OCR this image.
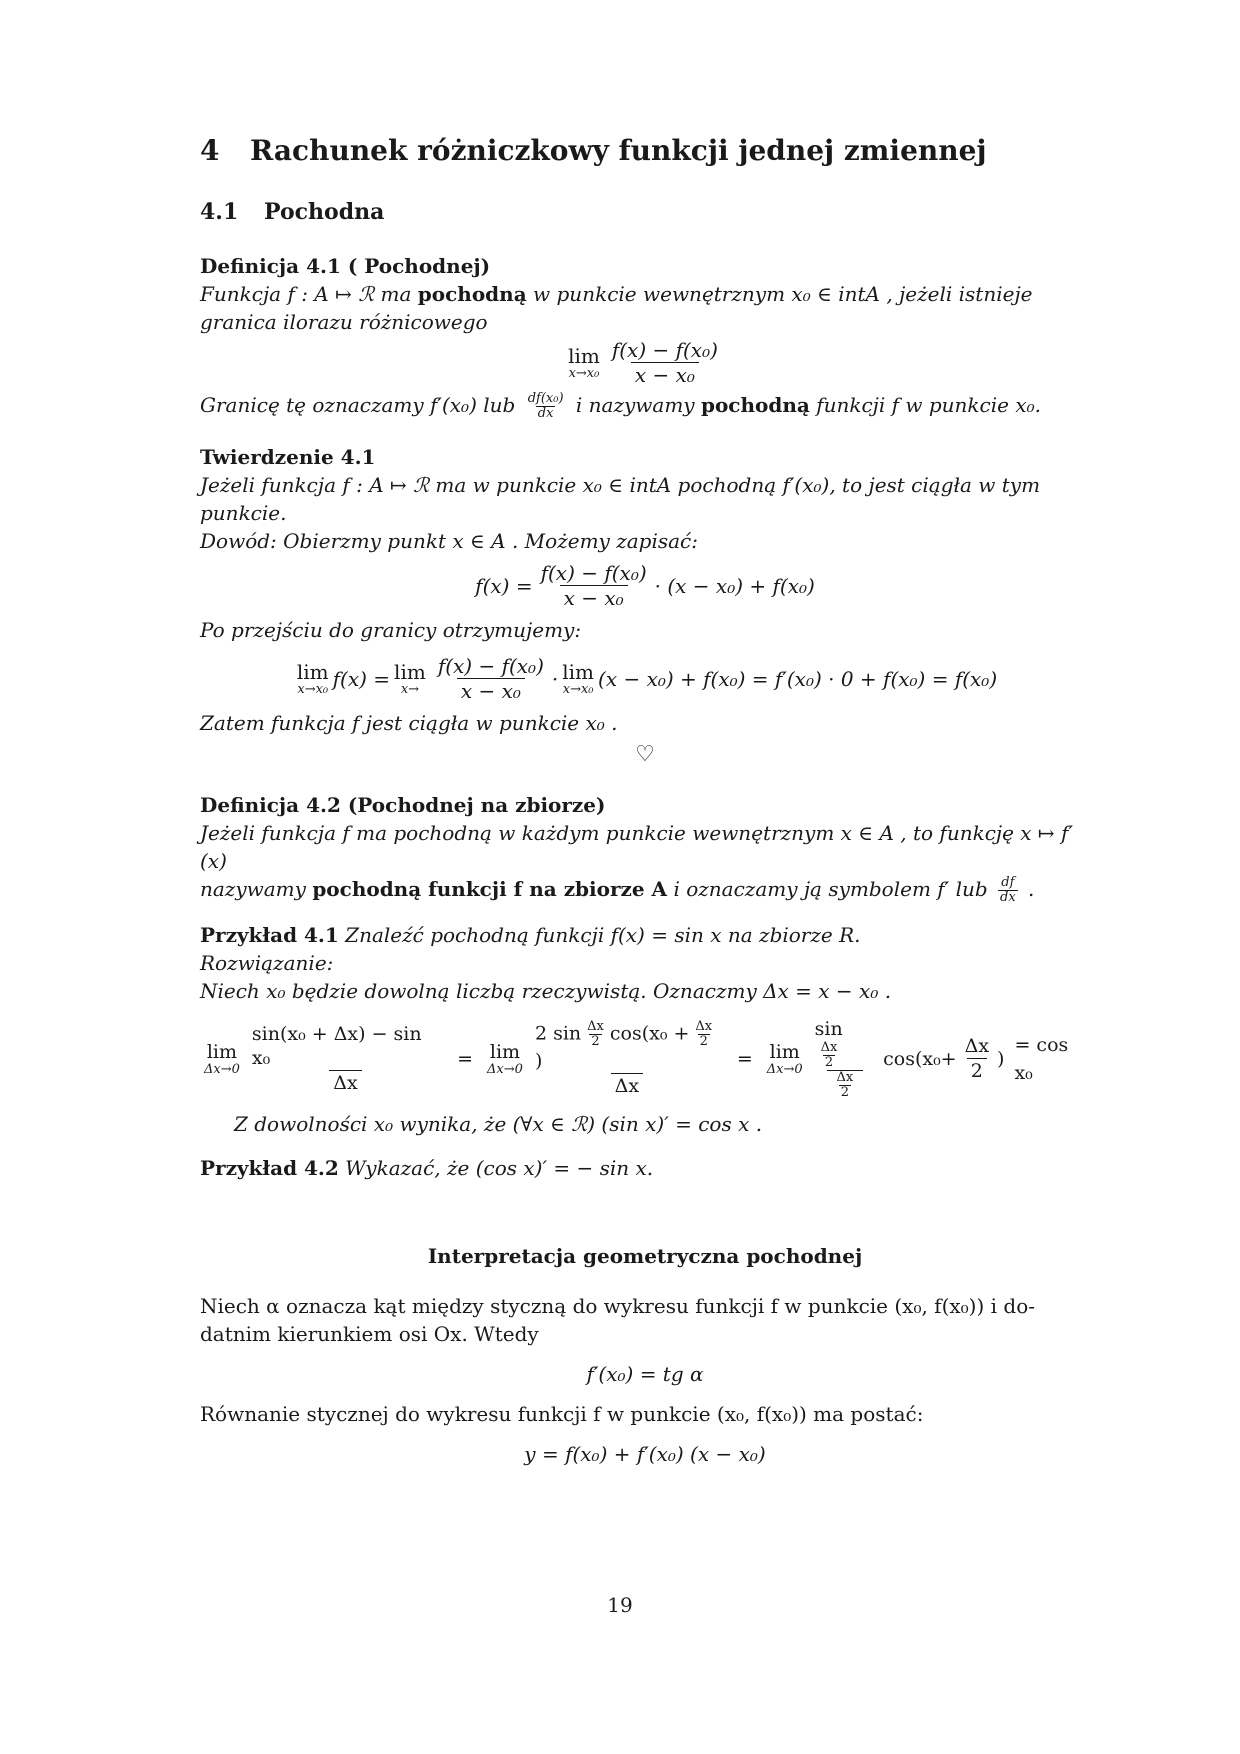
4 Rachunek różniczkowy funkcji jednej zmiennej
4.1 Pochodna

Definicja 4.1 ( Pochodnej)

Funkcja f : A ↦ ℛ ma pochodną w punkcie wewnętrznym x₀ ∈ intA , jeżeli istnieje

granica ilorazu różnicowego

lim
$x\to x_0 \frac{\text{f(x) − f(x₀)}}{\text{x − x₀}}$

Granicę tę oznaczamy f′(x₀) lub $\frac{\text{df(x₀)}}{dx}$ i nazywamy pochodną funkcji f w punkcie x₀.

Twierdzenie 4.1

Jeżeli funkcja f : A ↦ ℛ ma w punkcie x₀ ∈ intA pochodną f′(x₀), to jest ciągła w tym

punkcie.

Dowód: Obierzmy punkt x ∈ A . Możemy zapisać:

$f(x) = \frac{\text{f(x) − f(x₀)}}{\text{x − x₀}} \cdot (x - x_0) + f(x_0)$

Po przejściu do granicy otrzymujemy:

lim
x→x₀ f(x) = lim
$x\to \frac{\text{f(x) − f(x₀)}}{\text{x − x₀}} \cdot \lim$
x→x₀ (x − x₀) + f(x₀) = f′(x₀) · 0 + f(x₀) = f(x₀)

Zatem funkcja f jest ciągła w punkcie x₀ .

♡

Definicja 4.2 (Pochodnej na zbiorze)

Jeżeli funkcja f ma pochodną w każdym punkcie wewnętrznym x ∈ A , to funkcję x ↦ f′(x)

nazywamy pochodną funkcji f na zbiorze A i oznaczamy ją symbolem f′ lub $\frac{df}{dx}$ .

Przykład 4.1 Znaleźć pochodną funkcji f(x) = sin x na zbiorze R.

Rozwiązanie:

Niech x₀ będzie dowolną liczbą rzeczywistą. Oznaczmy Δx = x − x₀ .

lim
$\Delta x\to 0 \frac{\text{sin(x₀ + Δx) − sin x₀}}{\Delta x} = \lim$
Δx→0 2 $\sin \frac{\Delta x}{2} \cos(x_0 + \frac{\Delta x}{2}$
)
Δx = lim
Δx→0 sin
$\frac{\Delta x}{2}$
$\frac{\Delta x}{2} \cos(x_0+ \frac{\Delta x}{2}$ )
= cos x₀

Z dowolności x₀ wynika, że (∀x ∈ ℛ) (sin x)′ = cos x .

Przykład 4.2 Wykazać, że (cos x)′ = − sin x.

Interpretacja geometryczna pochodnej

Niech α oznacza kąt między styczną do wykresu funkcji f w punkcie (x₀, f(x₀)) i do-

datnim kierunkiem osi Ox. Wtedy

f′(x₀) = tg α

Równanie stycznej do wykresu funkcji f w punkcie (x₀, f(x₀)) ma postać:

y = f(x₀) + f′(x₀) (x − x₀)
19
